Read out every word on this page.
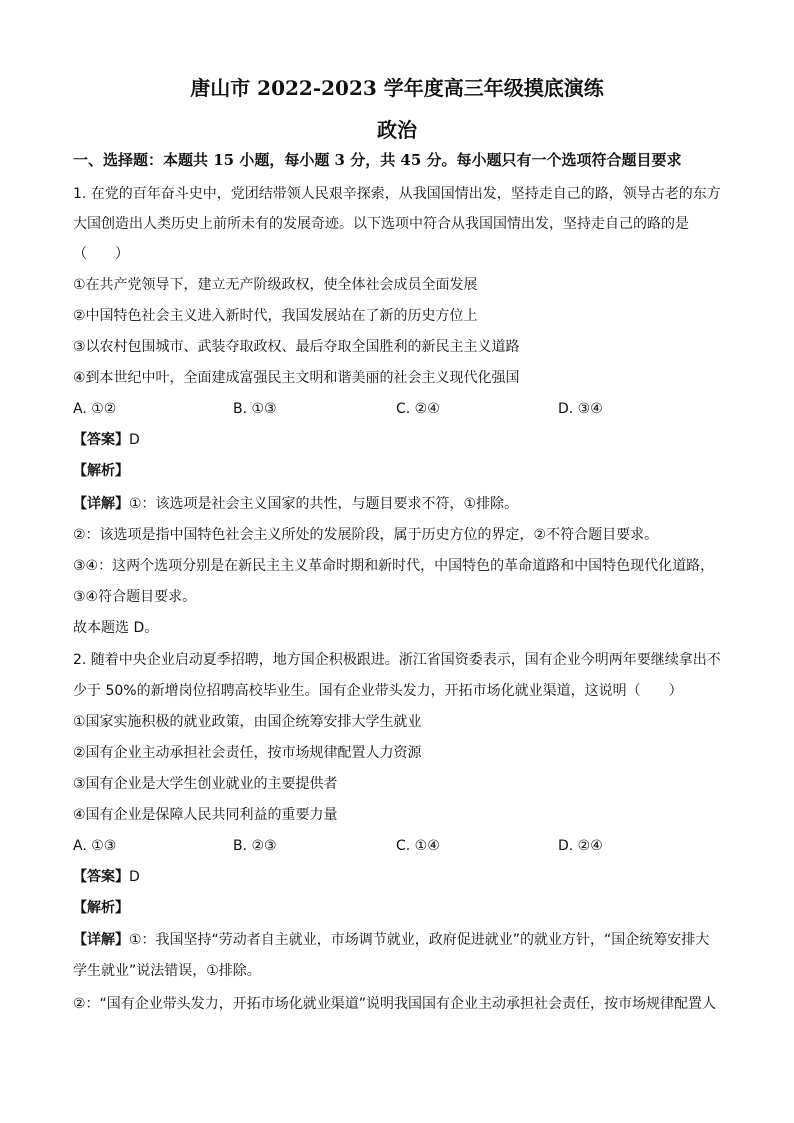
唐山市 2022-2023 学年度高三年级摸底演练
政治
一、选择题：本题共 15 小题，每小题 3 分，共 45 分。每小题只有一个选项符合题目要求
1. 在党的百年奋斗史中，党团结带领人民艰辛探索，从我国国情出发，坚持走自己的路，领导古老的东方
大国创造出人类历史上前所未有的发展奇迹。以下选项中符合从我国国情出发，坚持走自己的路的是
（　　）
①在共产党领导下，建立无产阶级政权，使全体社会成员全面发展
②中国特色社会主义进入新时代，我国发展站在了新的历史方位上
③以农村包围城市、武装夺取政权、最后夺取全国胜利的新民主主义道路
④到本世纪中叶，全面建成富强民主文明和谐美丽的社会主义现代化强国
A. ①②	B. ①③	C. ②④	D. ③④
【答案】D
【解析】
【详解】①：该选项是社会主义国家的共性，与题目要求不符，①排除。
②：该选项是指中国特色社会主义所处的发展阶段，属于历史方位的界定，②不符合题目要求。
③④：这两个选项分别是在新民主主义革命时期和新时代，中国特色的革命道路和中国特色现代化道路，
③④符合题目要求。
故本题选 D。
2. 随着中央企业启动夏季招聘，地方国企积极跟进。浙江省国资委表示，国有企业今明两年要继续拿出不
少于 50%的新增岗位招聘高校毕业生。国有企业带头发力，开拓市场化就业渠道，这说明（　　）
①国家实施积极的就业政策，由国企统筹安排大学生就业
②国有企业主动承担社会责任，按市场规律配置人力资源
③国有企业是大学生创业就业的主要提供者
④国有企业是保障人民共同利益的重要力量
A. ①③	B. ②③	C. ①④	D. ②④
【答案】D
【解析】
【详解】①：我国坚持“劳动者自主就业，市场调节就业，政府促进就业”的就业方针，“国企统筹安排大
学生就业”说法错误，①排除。
②：“国有企业带头发力，开拓市场化就业渠道”说明我国国有企业主动承担社会责任，按市场规律配置人
